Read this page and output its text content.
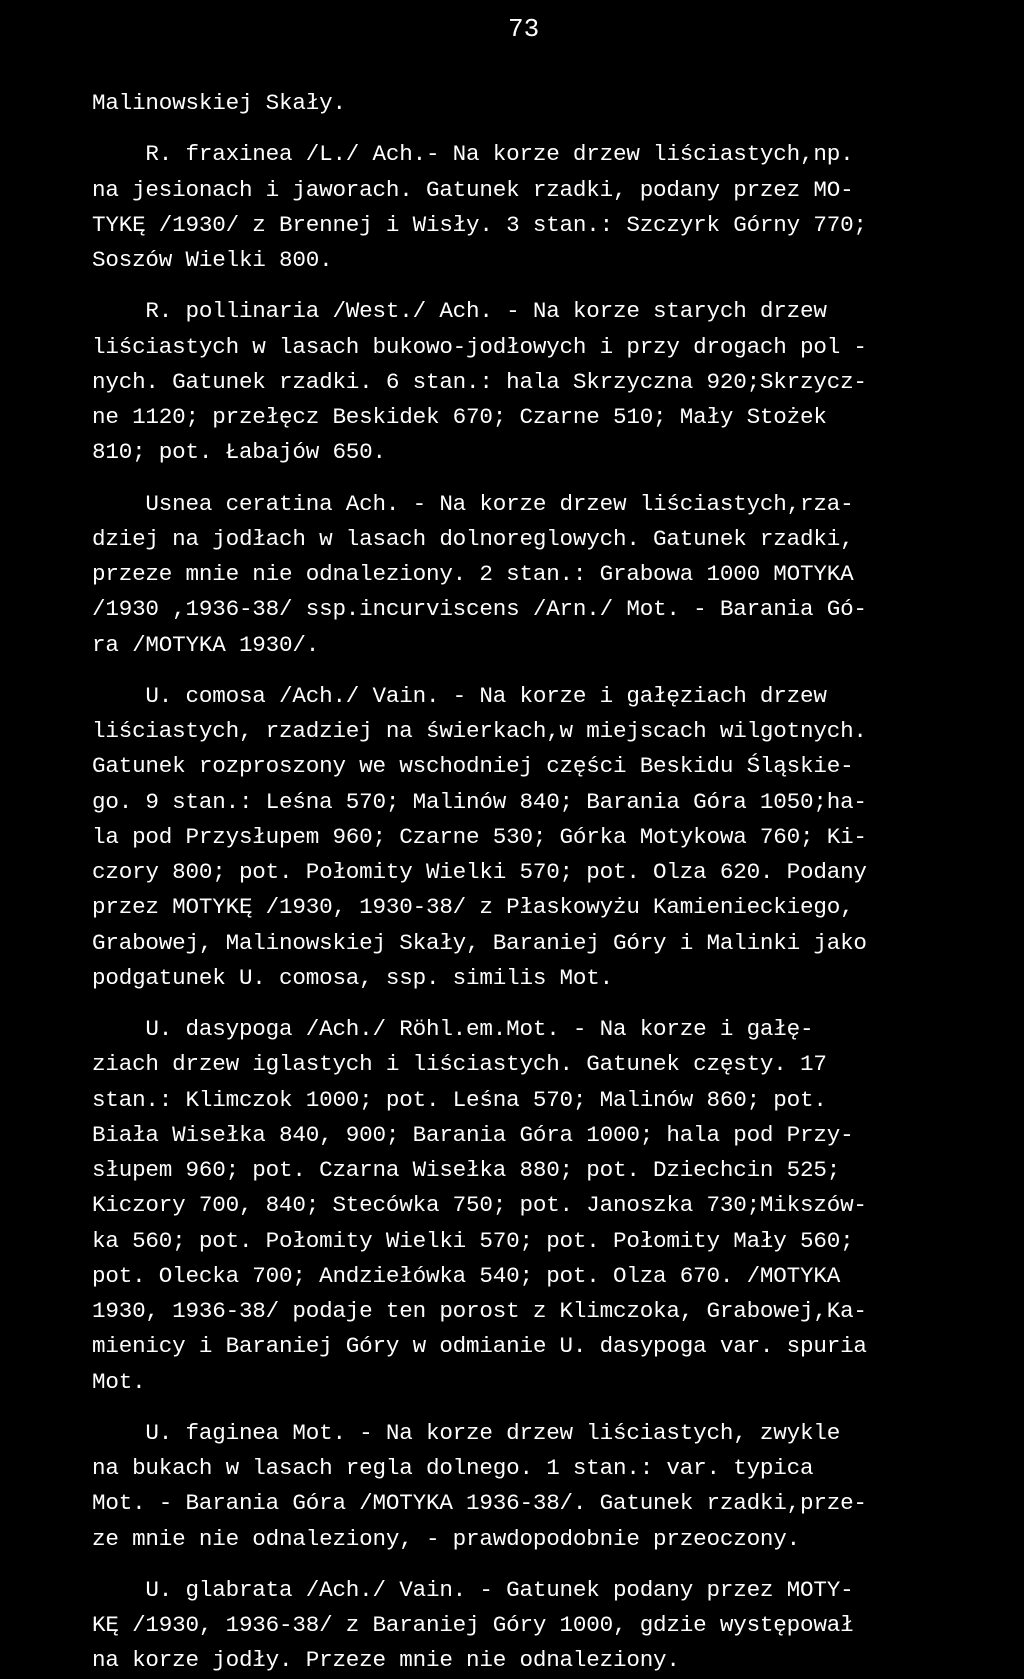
73
Malinowskiej Skały.
R. fraxinea /L./ Ach.- Na korze drzew liściastych,np.
na jesionach i jaworach. Gatunek rzadki, podany przez MO-
TYKĘ /1930/ z Brennej i Wisły. 3 stan.: Szczyrk Górny 770;
Soszów Wielki 800.
R. pollinaria /West./ Ach. - Na korze starych drzew
liściastych w lasach bukowo-jodłowych i przy drogach pol -
nych. Gatunek rzadki. 6 stan.: hala Skrzyczna 920;Skrzycz-
ne 1120; przełęcz Beskidek 670; Czarne 510; Mały Stożek
810; pot. Łabajów 650.
Usnea ceratina Ach. - Na korze drzew liściastych,rza-
dziej na jodłach w lasach dolnoreglowych. Gatunek rzadki,
przeze mnie nie odnaleziony. 2 stan.: Grabowa 1000 MOTYKA
/1930 ,1936-38/ ssp.incurviscens /Arn./ Mot. - Barania Gó-
ra /MOTYKA 1930/.
U. comosa /Ach./ Vain. - Na korze i gałęziach drzew
liściastych, rzadziej na świerkach,w miejscach wilgotnych.
Gatunek rozproszony we wschodniej części Beskidu Śląskie-
go. 9 stan.: Leśna 570; Malinów 840; Barania Góra 1050;ha-
la pod Przysłupem 960; Czarne 530; Górka Motykowa 760; Ki-
czory 800; pot. Połomity Wielki 570; pot. Olza 620. Podany
przez MOTYKĘ /1930, 1930-38/ z Płaskowyżu Kamienieckiego,
Grabowej, Malinowskiej Skały, Baraniej Góry i Malinki jako
podgatunek U. comosa, ssp. similis Mot.
U. dasypoga /Ach./ Röhl.em.Mot. - Na korze i gałę-
ziach drzew iglastych i liściastych. Gatunek częsty. 17
stan.: Klimczok 1000; pot. Leśna 570; Malinów 860; pot.
Biała Wisełka 840, 900; Barania Góra 1000; hala pod Przy-
słupem 960; pot. Czarna Wisełka 880; pot. Dziechcin 525;
Kiczory 700, 840; Stecówka 750; pot. Janoszka 730;Mikszów-
ka 560; pot. Połomity Wielki 570; pot. Połomity Mały 560;
pot. Olecka 700; Andziełówka 540; pot. Olza 670. /MOTYKA
1930, 1936-38/ podaje ten porost z Klimczoka, Grabowej,Ka-
mienicy i Baraniej Góry w odmianie U. dasypoga var. spuria
Mot.
U. faginea Mot. - Na korze drzew liściastych, zwykle
na bukach w lasach regla dolnego. 1 stan.: var. typica
Mot. - Barania Góra /MOTYKA 1936-38/. Gatunek rzadki,prze-
ze mnie nie odnaleziony, - prawdopodobnie przeoczony.
U. glabrata /Ach./ Vain. - Gatunek podany przez MOTY-
KĘ /1930, 1936-38/ z Baraniej Góry 1000, gdzie występował
na korze jodły. Przeze mnie nie odnaleziony.
